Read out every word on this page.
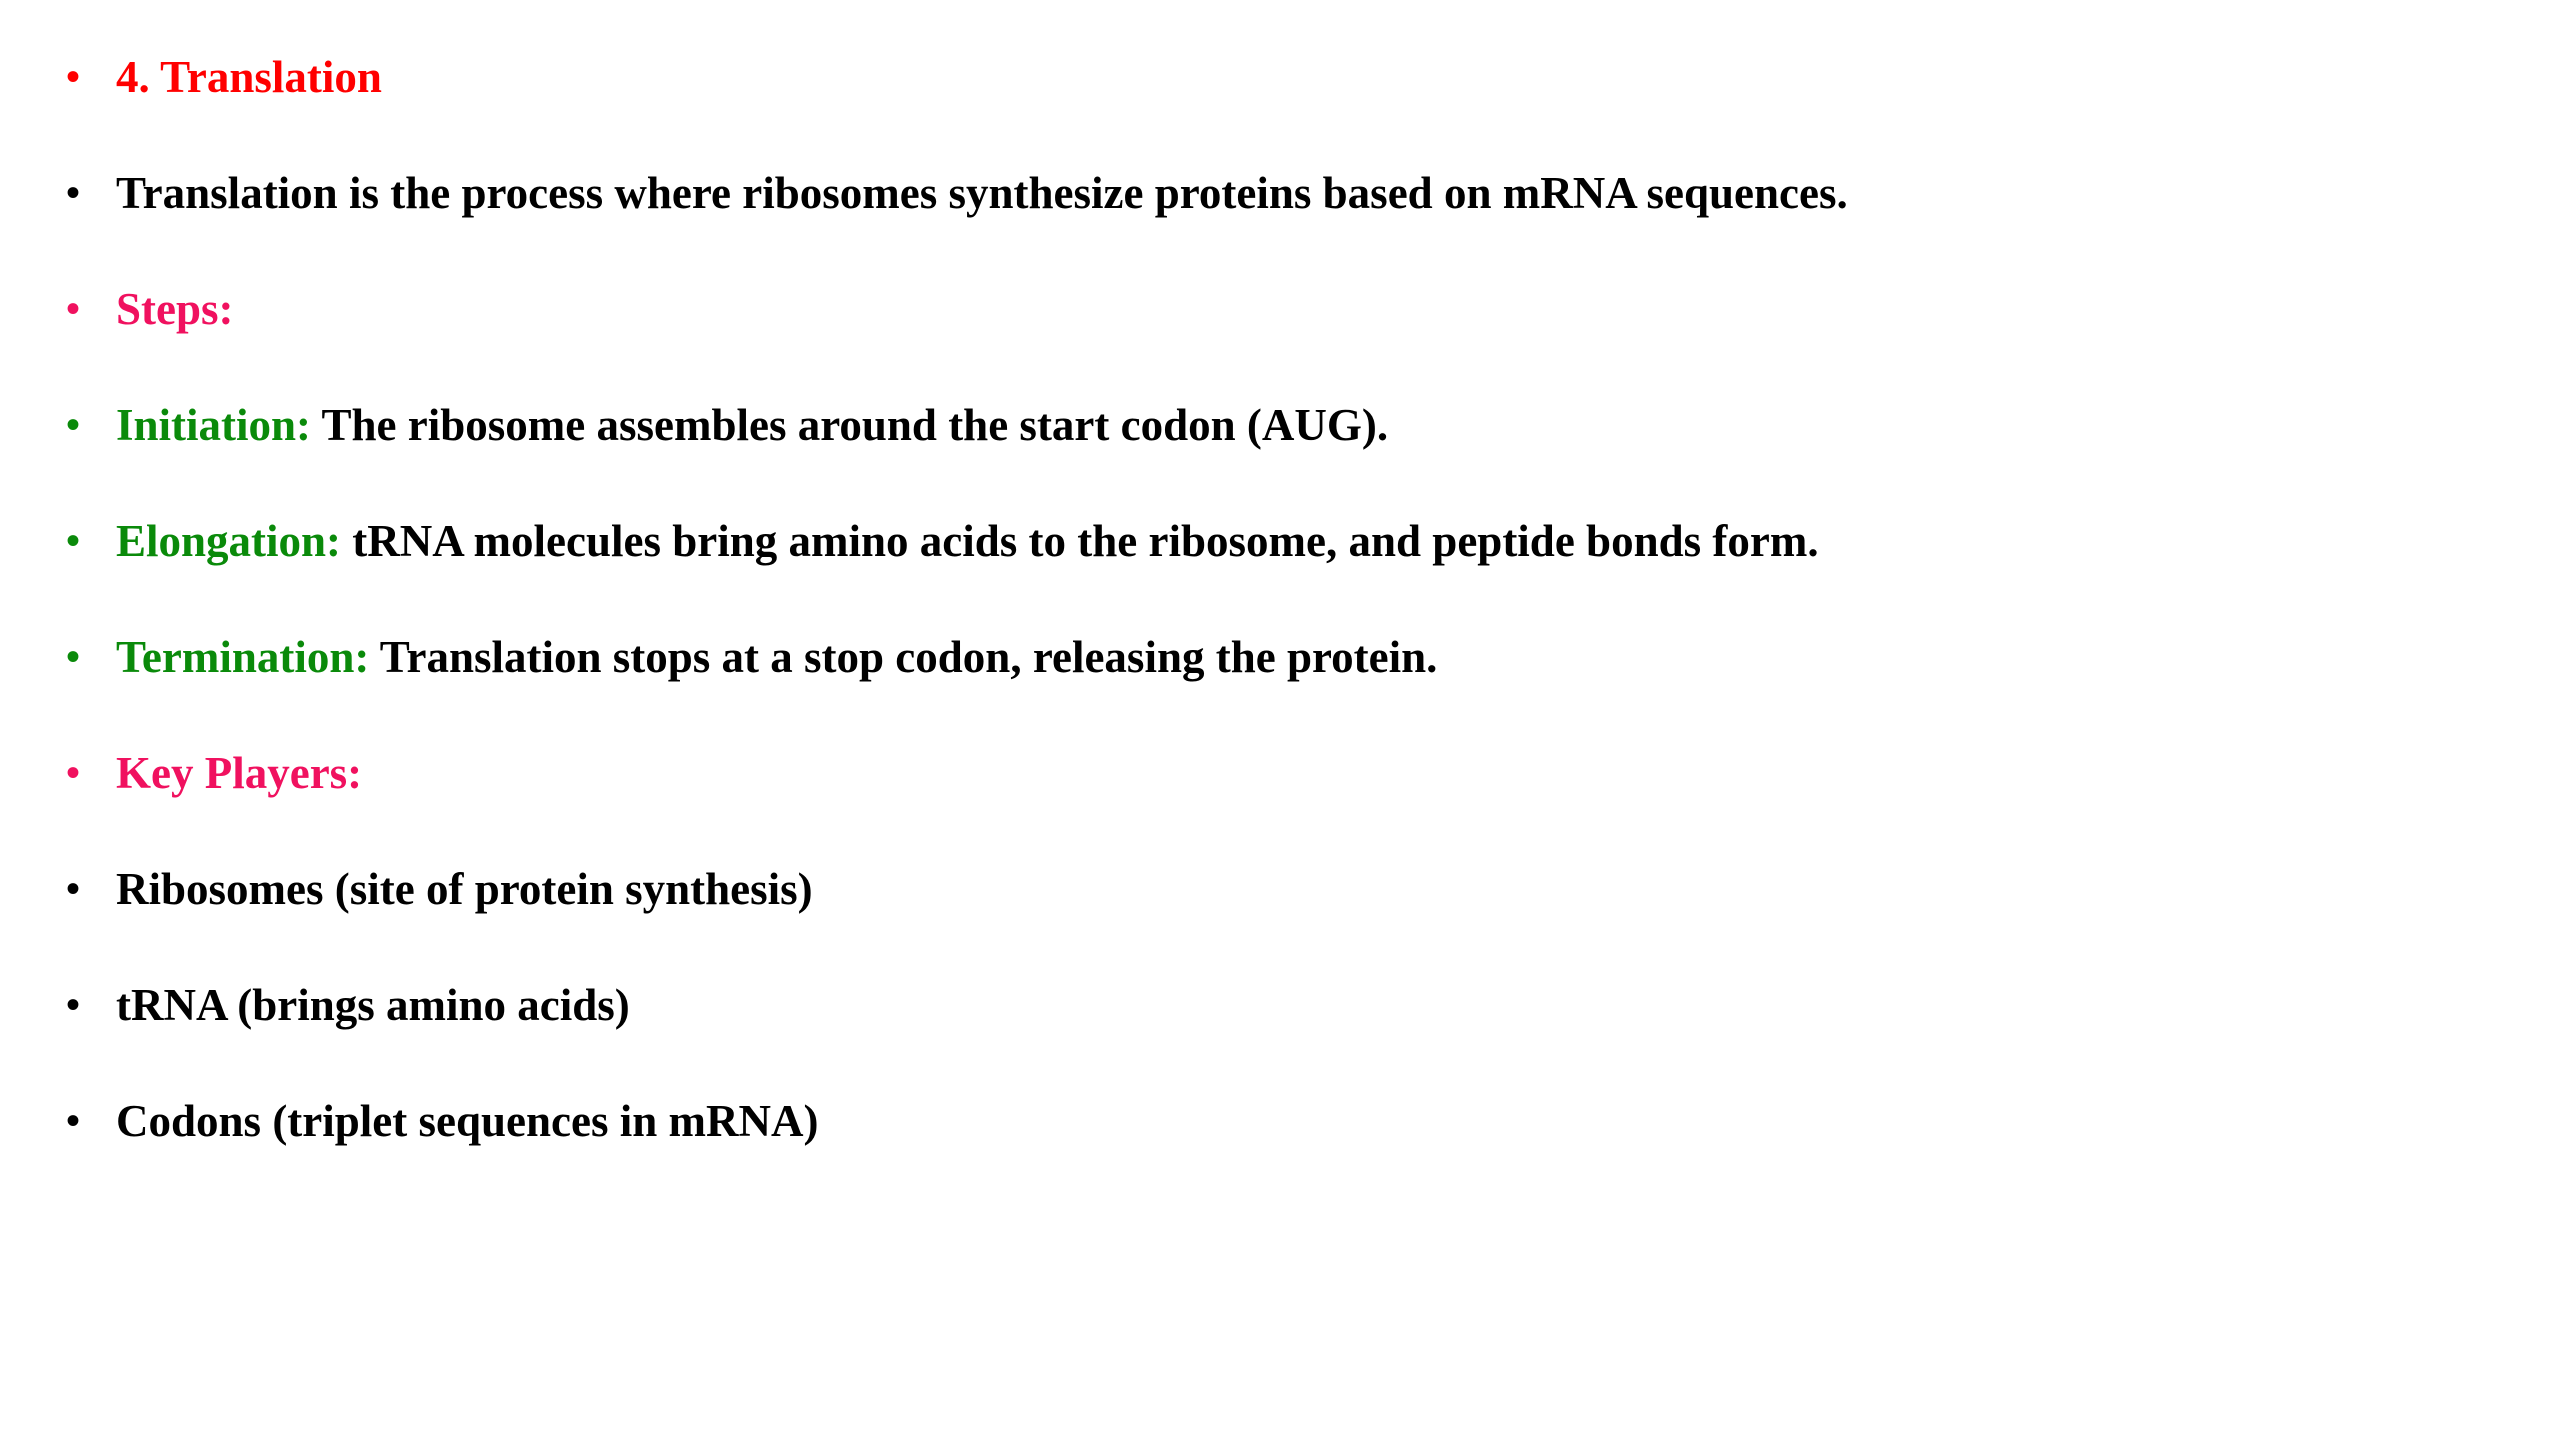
• 4. Translation
• Translation is the process where ribosomes synthesize proteins based on mRNA sequences.
• Steps:
• Initiation: The ribosome assembles around the start codon (AUG).
• Elongation: tRNA molecules bring amino acids to the ribosome, and peptide bonds form.
• Termination: Translation stops at a stop codon, releasing the protein.
• Key Players:
• Ribosomes (site of protein synthesis)
• tRNA (brings amino acids)
• Codons (triplet sequences in mRNA)
